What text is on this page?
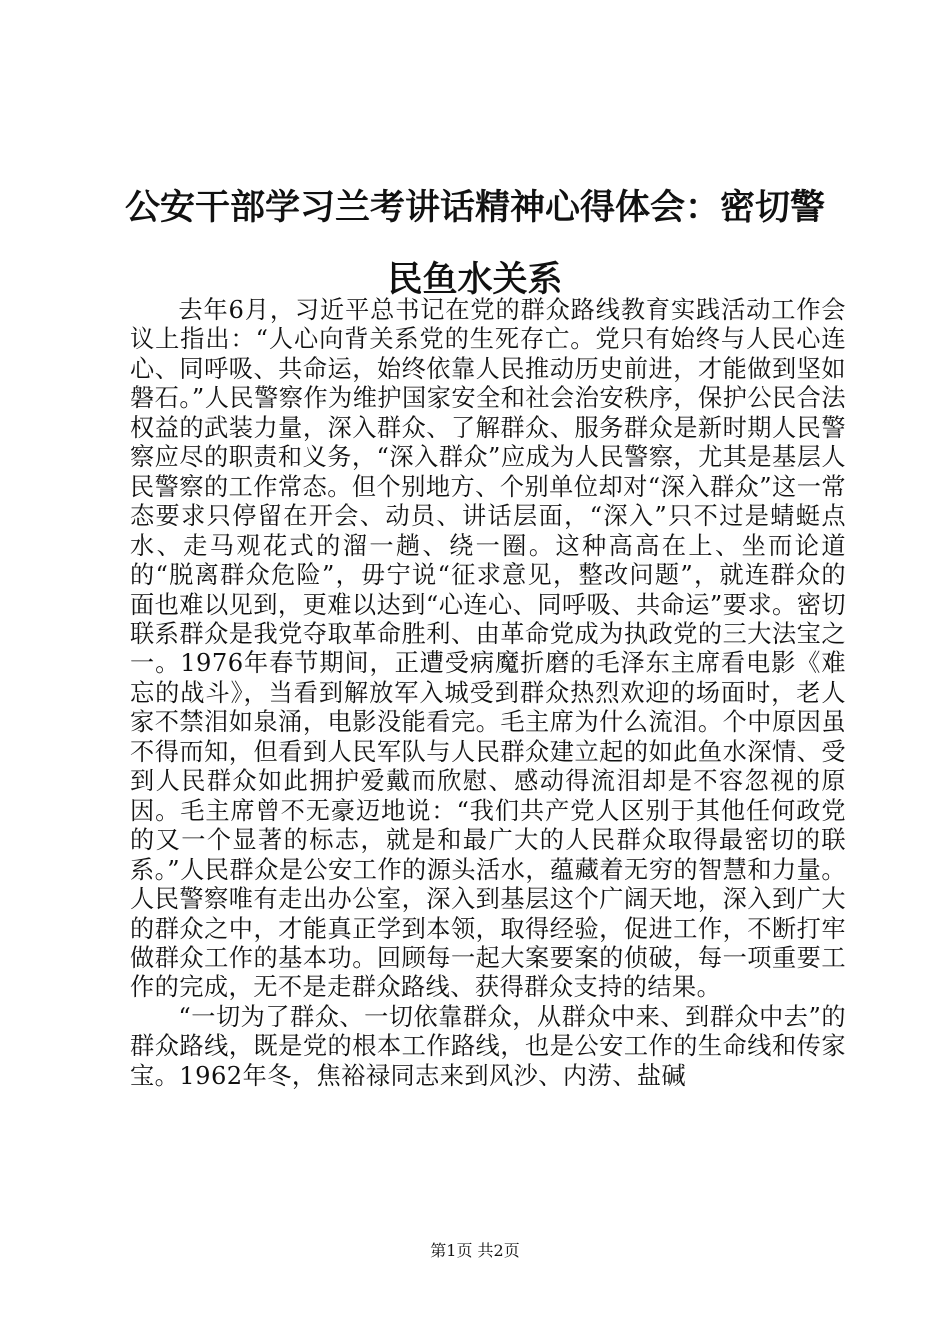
公安干部学习兰考讲话精神心得体会：密切警民鱼水关系

去年6月，习近平总书记在党的群众路线教育实践活动工作会议上指出：“人心向背关系党的生死存亡。党只有始终与人民心连心、同呼吸、共命运，始终依靠人民推动历史前进，才能做到坚如磐石。”人民警察作为维护国家安全和社会治安秩序，保护公民合法权益的武装力量，深入群众、了解群众、服务群众是新时期人民警察应尽的职责和义务，“深入群众”应成为人民警察，尤其是基层人民警察的工作常态。但个别地方、个别单位却对“深入群众”这一常态要求只停留在开会、动员、讲话层面，“深入”只不过是蜻蜓点水、走马观花式的溜一趟、绕一圈。这种高高在上、坐而论道的“脱离群众危险”，毋宁说“征求意见，整改问题”，就连群众的面也难以见到，更难以达到“心连心、同呼吸、共命运”要求。密切联系群众是我党夺取革命胜利、由革命党成为执政党的三大法宝之一。1976年春节期间，正遭受病魔折磨的毛泽东主席看电影《难忘的战斗》，当看到解放军入城受到群众热烈欢迎的场面时，老人家不禁泪如泉涌，电影没能看完。毛主席为什么流泪。个中原因虽不得而知，但看到人民军队与人民群众建立起的如此鱼水深情、受到人民群众如此拥护爱戴而欣慰、感动得流泪却是不容忽视的原因。毛主席曾不无豪迈地说：“我们共产党人区别于其他任何政党的又一个显著的标志，就是和最广大的人民群众取得最密切的联系。”人民群众是公安工作的源头活水，蕴藏着无穷的智慧和力量。人民警察唯有走出办公室，深入到基层这个广阔天地，深入到广大的群众之中，才能真正学到本领，取得经验，促进工作，不断打牢做群众工作的基本功。回顾每一起大案要案的侦破，每一项重要工作的完成，无不是走群众路线、获得群众支持的结果。

“一切为了群众、一切依靠群众，从群众中来、到群众中去”的群众路线，既是党的根本工作路线，也是公安工作的生命线和传家宝。1962年冬，焦裕禄同志来到风沙、内涝、盐碱

第1页 共2页
